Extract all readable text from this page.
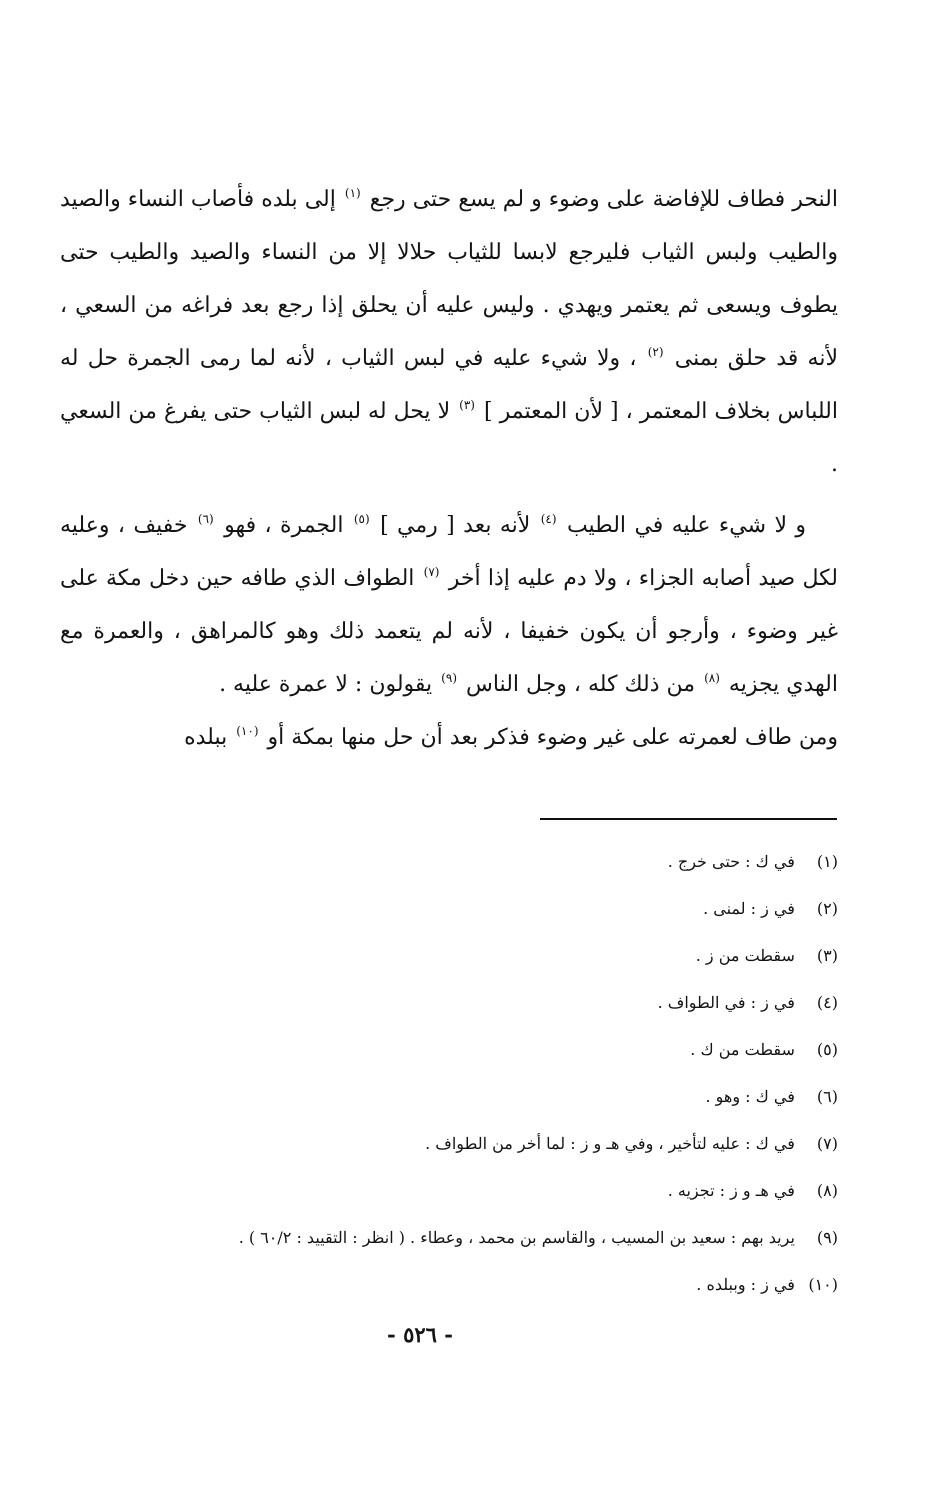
النحر فطاف للإفاضة على وضوء و لم يسع حتى رجع $^{(١)}$ إلى بلده فأصاب النساء والصيد والطيب ولبس الثياب فليرجع لابسا للثياب حلالا إلا من النساء والصيد والطيب حتى يطوف ويسعى ثم يعتمر ويهدي . وليس عليه أن يحلق إذا رجع بعد فراغه من السعي ، لأنه قد حلق بمنى $^{(٢)}$ ، ولا شيء عليه في لبس الثياب ، لأنه لما رمى الجمرة حل له اللباس بخلاف المعتمر ، [ لأن المعتمر ] $^{(٣)}$ لا يحل له لبس الثياب حتى يفرغ من السعي .

و لا شيء عليه في الطيب $^{(٤)}$ لأنه بعد [ رمي ] $^{(٥)}$ الجمرة ، فهو $^{(٦)}$ خفيف ، وعليه لكل صيد أصابه الجزاء ، ولا دم عليه إذا أخر $^{(٧)}$ الطواف الذي طافه حين دخل مكة على غير وضوء ، وأرجو أن يكون خفيفا ، لأنه لم يتعمد ذلك وهو كالمراهق ، والعمرة مع الهدي يجزيه $^{(٨)}$ من ذلك كله ، وجل الناس $^{(٩)}$ يقولون : لا عمرة عليه .

ومن طاف لعمرته على غير وضوء فذكر بعد أن حل منها بمكة أو $^{(١٠)}$ ببلده

(١) في ك : حتى خرج .
(٢) في ز : لمنى .
(٣) سقطت من ز .
(٤) في ز : في الطواف .
(٥) سقطت من ك .
(٦) في ك : وهو .
(٧) في ك : عليه لتأخير ، وفي هـ و ز : لما أخر من الطواف .
(٨) في هـ و ز : تجزيه .
(٩) يريد بهم : سعيد بن المسيب ، والقاسم بن محمد ، وعطاء . ( انظر : التقييد : ٦٠/٢ ) .
(١٠) في ز : وببلده .
- ٥٢٦ -
